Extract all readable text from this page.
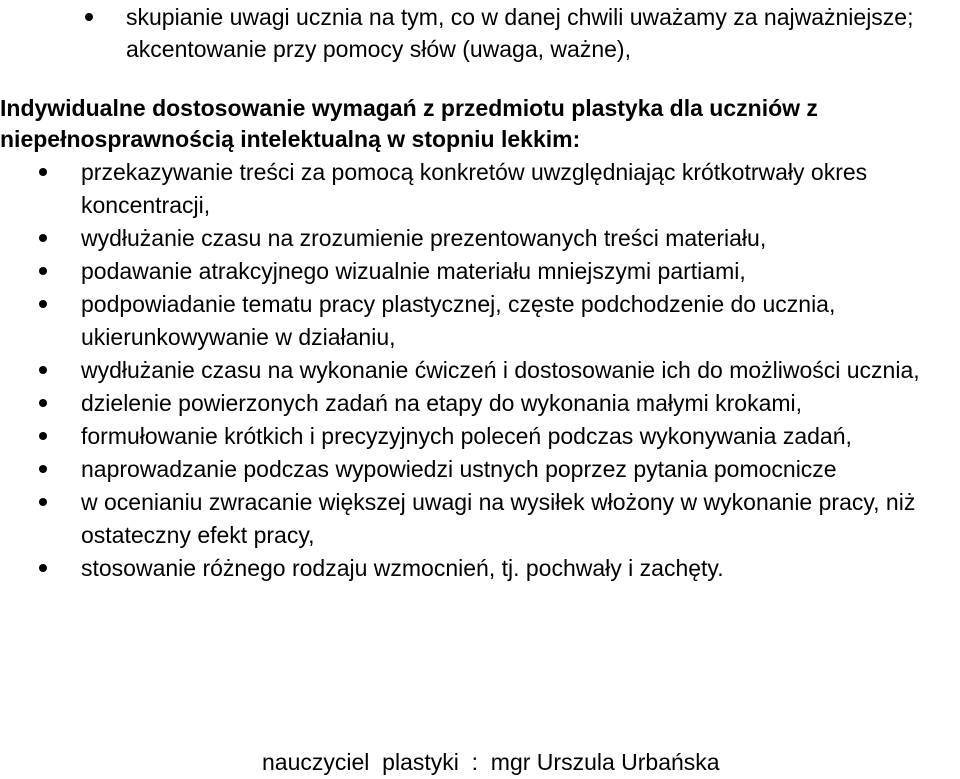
skupianie uwagi ucznia na tym, co w danej chwili uważamy za najważniejsze; akcentowanie przy pomocy słów (uwaga, ważne),

Indywidualne dostosowanie wymagań z przedmiotu plastyka dla uczniów z niepełnosprawnością intelektualną w stopniu lekkim:

przekazywanie treści za pomocą konkretów uwzględniając krótkotrwały okres koncentracji,
wydłużanie czasu na zrozumienie prezentowanych treści materiału,
podawanie atrakcyjnego wizualnie materiału mniejszymi partiami,
podpowiadanie tematu pracy plastycznej, częste podchodzenie do ucznia, ukierunkowywanie w działaniu,
wydłużanie czasu na wykonanie ćwiczeń i dostosowanie ich do możliwości ucznia,
dzielenie powierzonych zadań na etapy do wykonania małymi krokami,
formułowanie krótkich i precyzyjnych poleceń podczas wykonywania zadań,
naprowadzanie podczas wypowiedzi ustnych poprzez pytania pomocnicze
w ocenianiu zwracanie większej uwagi na wysiłek włożony w wykonanie pracy, niż ostateczny efekt pracy,
stosowanie różnego rodzaju wzmocnień, tj. pochwały i zachęty.
nauczyciel  plastyki  :  mgr Urszula Urbańska
